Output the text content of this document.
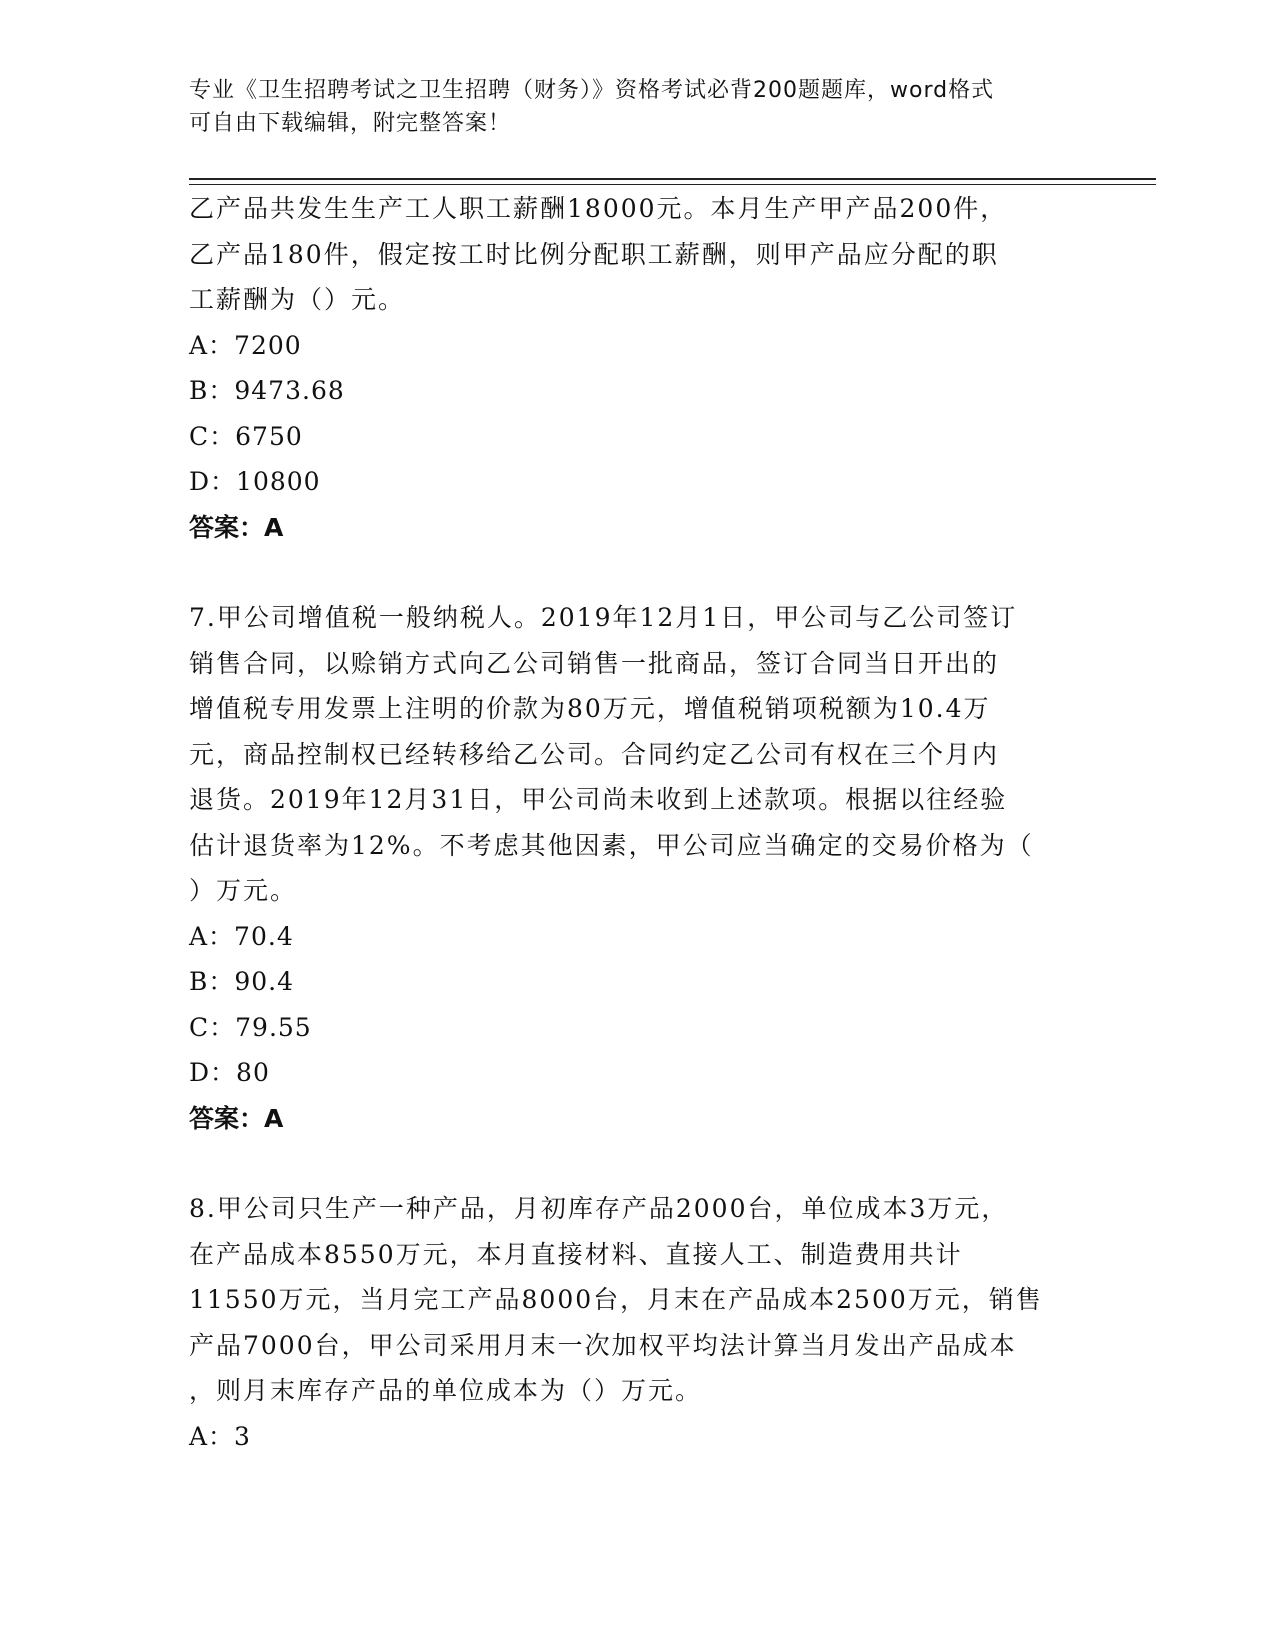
专业《卫生招聘考试之卫生招聘（财务）》资格考试必背200题题库，word格式
可自由下载编辑，附完整答案！

乙产品共发生生产工人职工薪酬18000元。本月生产甲产品200件，

乙产品180件，假定按工时比例分配职工薪酬，则甲产品应分配的职

工薪酬为（）元。

A：7200

B：9473.68

C：6750

D：10800

答案：A

7.甲公司增值税一般纳税人。2019年12月1日，甲公司与乙公司签订

销售合同，以赊销方式向乙公司销售一批商品，签订合同当日开出的

增值税专用发票上注明的价款为80万元，增值税销项税额为10.4万

元，商品控制权已经转移给乙公司。合同约定乙公司有权在三个月内

退货。2019年12月31日，甲公司尚未收到上述款项。根据以往经验

估计退货率为12%。不考虑其他因素，甲公司应当确定的交易价格为（

）万元。

A：70.4

B：90.4

C：79.55

D：80

答案：A

8.甲公司只生产一种产品，月初库存产品2000台，单位成本3万元，

在产品成本8550万元，本月直接材料、直接人工、制造费用共计

11550万元，当月完工产品8000台，月末在产品成本2500万元，销售

产品7000台，甲公司采用月末一次加权平均法计算当月发出产品成本

，则月末库存产品的单位成本为（）万元。

A：3
